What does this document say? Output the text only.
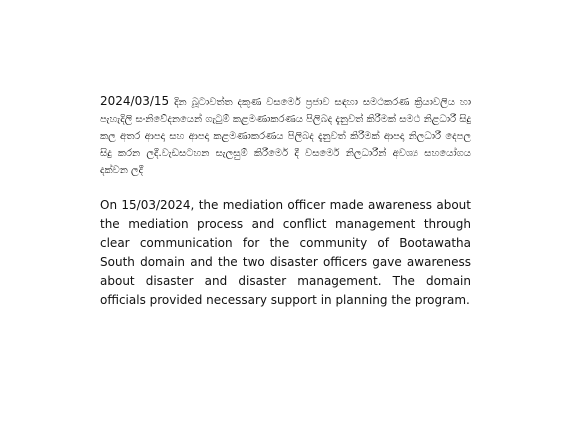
2024/03/15 දින බූටාවත්ත දකුණ වසමෙර් ප්‍රජාව සඳහා සමථකරණ ක්‍රියාවලිය හා පැහැදිලි සංනිවේදනයෙන් ගැටුම් කළමණාකරණය පිලිබද දැනුවත් කිරීමක් සමථ නිළධාරී සිදු කල අතර ආපදා සහ ආපදා කළමණාකරණය පිලිබද දැනුවත් කිරීමක් ආපදා නිලධාරී දෙපල සිදු කරන ලදී.වැඩසටහන සැලසුම් කිරීමෙර් දී වසමෙර් නිලධාරීන් අවශ්‍ය සහයෝගය දක්වන ලදී

On 15/03/2024, the mediation officer made awareness about the mediation process and conflict management through clear communication for the community of Bootawatha South domain and the two disaster officers gave awareness about disaster and disaster management. The domain officials provided necessary support in planning the program.
